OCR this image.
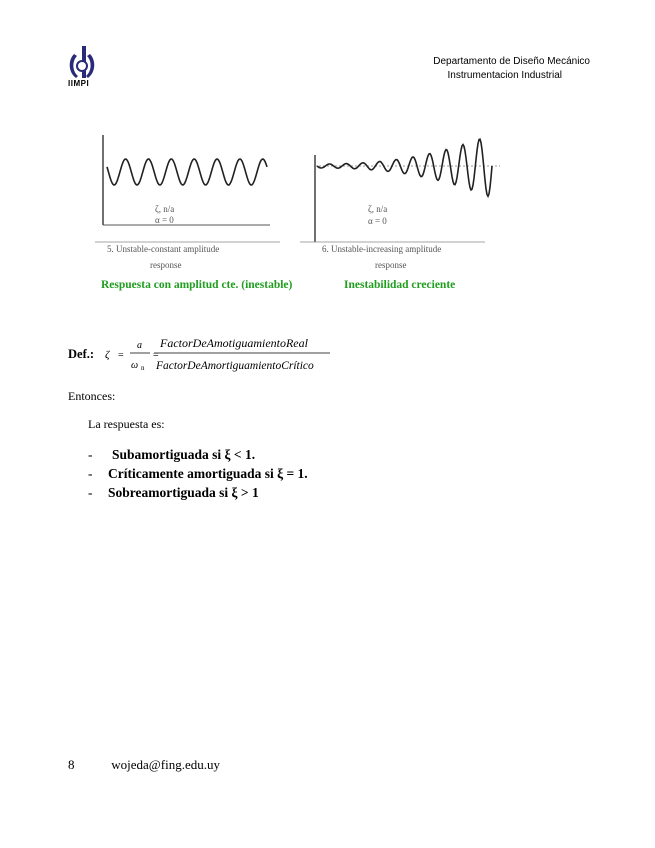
IIMPI
Departamento de Diseño Mecánico
Instrumentacion Industrial
ζ, n/a
α = 0
5. Unstable-constant amplitude
response
ζ, n/a
α = 0
6. Unstable-increasing amplitude
response
Respuesta con amplitud cte. (inestable)	Inestabilidad creciente
Def.: ζ =
a
ω n
=
FactorDeAmotiguamientoReal
FactorDeAmortiguamientoCrítico
Entonces:
La respuesta es:
- Subamortiguada si ξ < 1.
- Críticamente amortiguada si ξ = 1.
- Sobreamortiguada si ξ > 1
8	wojeda@fing.edu.uy
